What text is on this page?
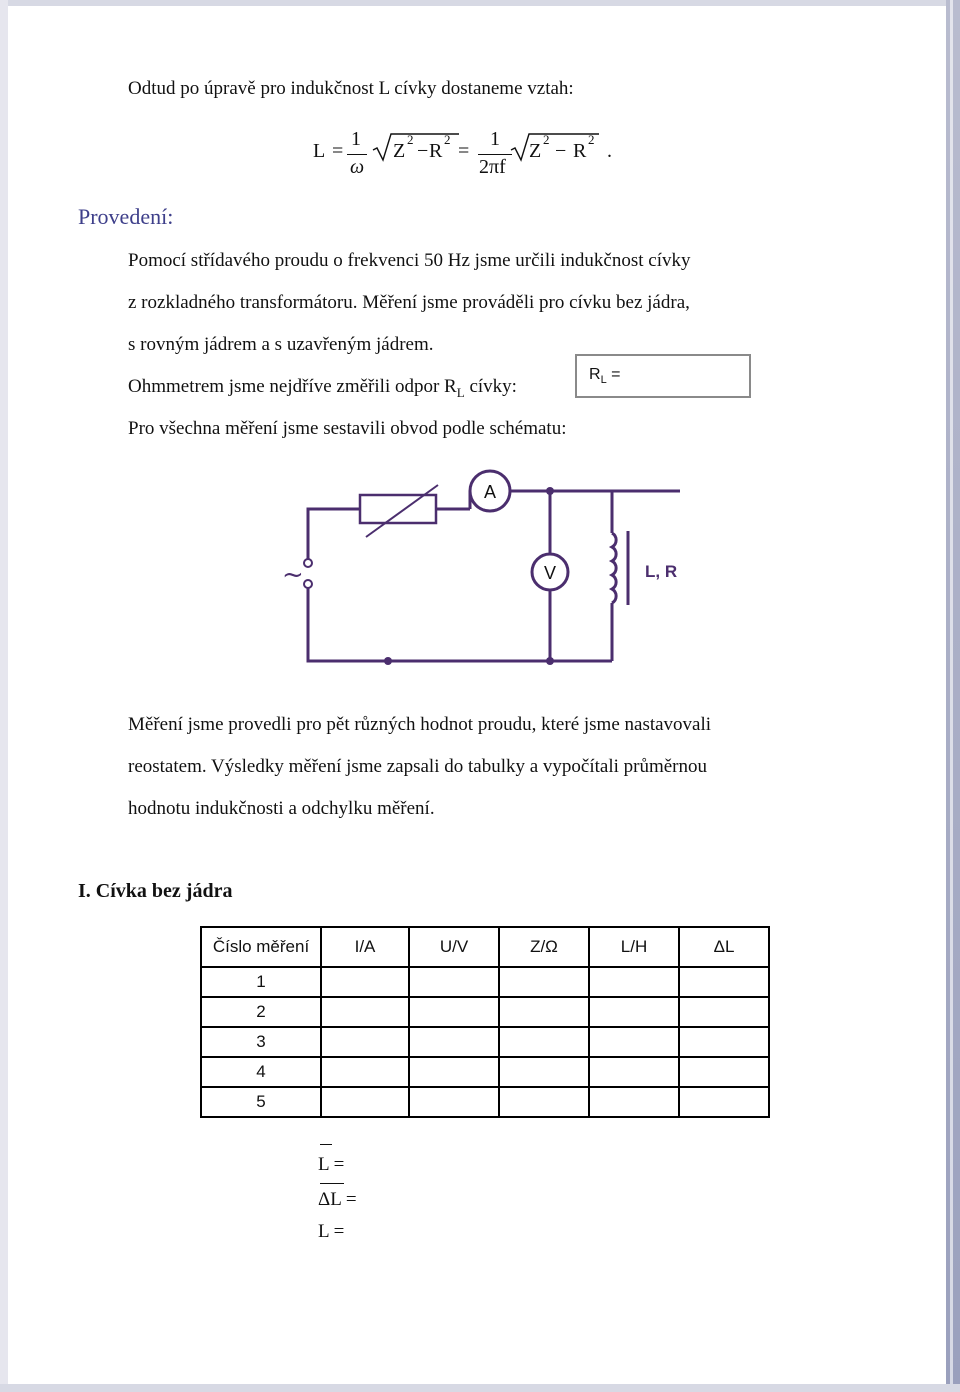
Odtud po úpravě pro indukčnost L cívky dostaneme vztah:
L =
1
ω
Z
2
− R
2
=
1
2πf
Z
2
− R
2
.
Provedení:
Pomocí střídavého proudu o frekvenci 50 Hz jsme určili indukčnost cívky
z rozkladného transformátoru. Měření jsme prováděli pro cívku bez jádra,
s rovným jádrem a s uzavřeným jádrem.
Ohmmetrem jsme nejdříve změřili odpor $R_L$ cívky:
$R_L$ =
Pro všechna měření jsme sestavili obvod podle schématu:
A
V	L, R
~
Měření jsme provedli pro pět různých hodnot proudu, které jsme nastavovali
reostatem. Výsledky měření jsme zapsali do tabulky a vypočítali průměrnou
hodnotu indukčnosti a odchylku měření.
I. Cívka bez jádra
Číslo měření	I/A	U/V	Z/Ω	L/H	ΔL
1					
2					
3					
4					
5					
L =
ΔL =
L =
